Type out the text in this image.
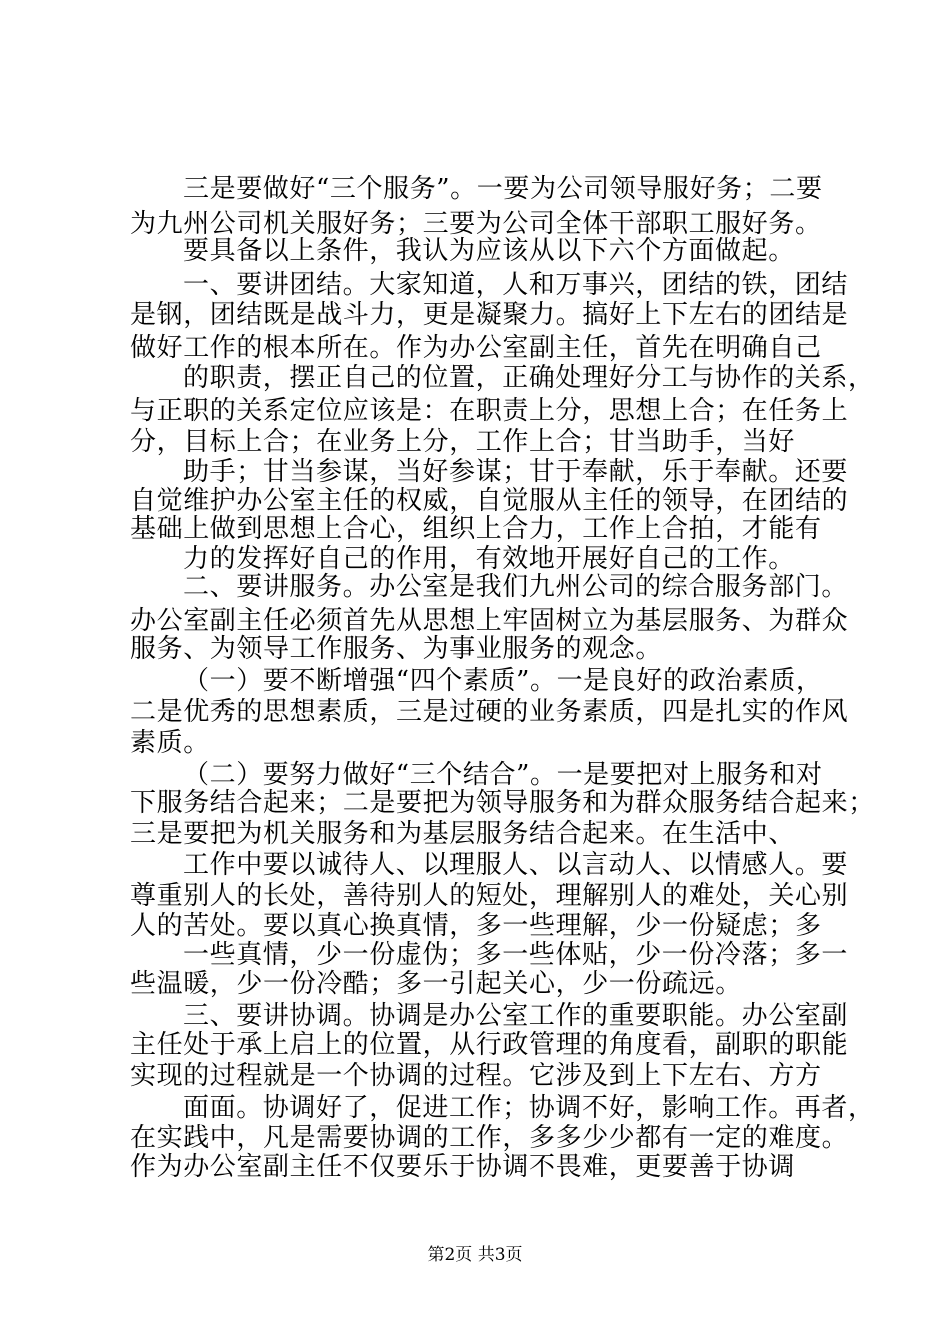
三是要做好“三个服务”。一要为公司领导服好务；二要
为九州公司机关服好务；三要为公司全体干部职工服好务。
要具备以上条件，我认为应该从以下六个方面做起。
一、要讲团结。大家知道，人和万事兴，团结的铁，团结
是钢，团结既是战斗力，更是凝聚力。搞好上下左右的团结是
做好工作的根本所在。作为办公室副主任，首先在明确自己
的职责，摆正自己的位置，正确处理好分工与协作的关系，
与正职的关系定位应该是：在职责上分，思想上合；在任务上
分，目标上合；在业务上分，工作上合；甘当助手，当好
助手；甘当参谋，当好参谋；甘于奉献，乐于奉献。还要
自觉维护办公室主任的权威，自觉服从主任的领导，在团结的
基础上做到思想上合心，组织上合力，工作上合拍，才能有
力的发挥好自己的作用，有效地开展好自己的工作。
二、要讲服务。办公室是我们九州公司的综合服务部门。
办公室副主任必须首先从思想上牢固树立为基层服务、为群众
服务、为领导工作服务、为事业服务的观念。
（一）要不断增强“四个素质”。一是良好的政治素质，
二是优秀的思想素质，三是过硬的业务素质，四是扎实的作风
素质。
（二）要努力做好“三个结合”。一是要把对上服务和对
下服务结合起来；二是要把为领导服务和为群众服务结合起来；
三是要把为机关服务和为基层服务结合起来。在生活中、
工作中要以诚待人、以理服人、以言动人、以情感人。要
尊重别人的长处，善待别人的短处，理解别人的难处，关心别
人的苦处。要以真心换真情，多一些理解，少一份疑虑；多
一些真情，少一份虚伪；多一些体贴，少一份冷落；多一
些温暖，少一份冷酷；多一引起关心，少一份疏远。
三、要讲协调。协调是办公室工作的重要职能。办公室副
主任处于承上启上的位置，从行政管理的角度看，副职的职能
实现的过程就是一个协调的过程。它涉及到上下左右、方方
面面。协调好了，促进工作；协调不好，影响工作。再者，
在实践中，凡是需要协调的工作，多多少少都有一定的难度。
作为办公室副主任不仅要乐于协调不畏难，更要善于协调
第2页 共3页
